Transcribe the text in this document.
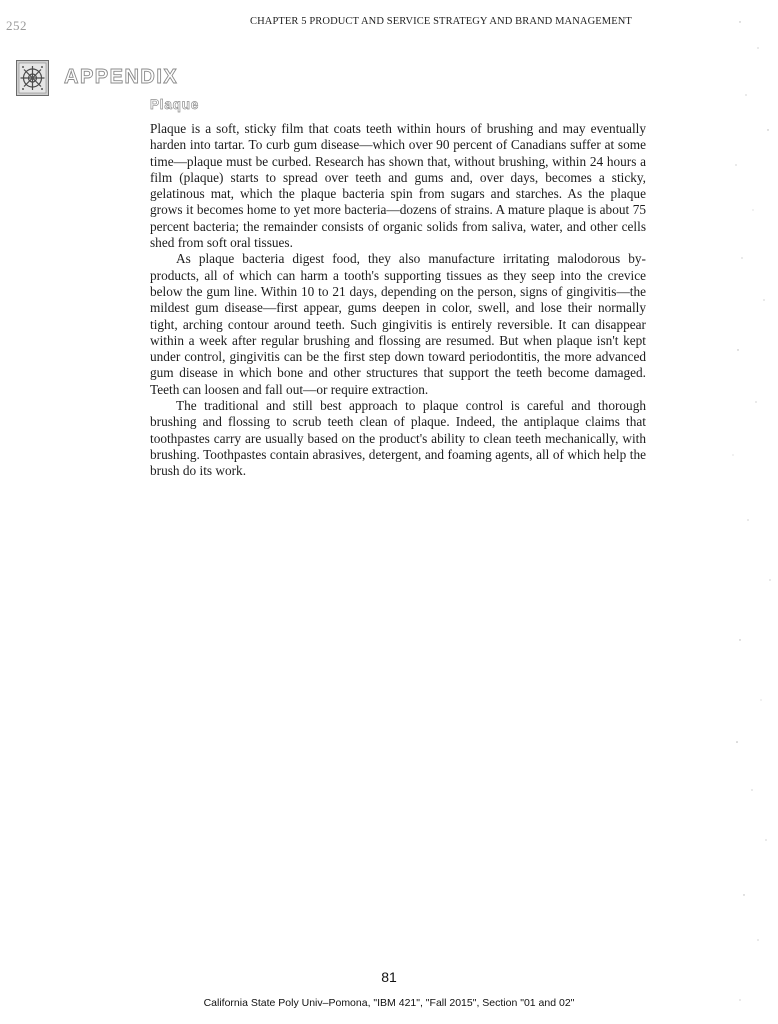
252	CHAPTER 5 PRODUCT AND SERVICE STRATEGY AND BRAND MANAGEMENT
APPENDIX
Plaque

Plaque is a soft, sticky film that coats teeth within hours of brushing and may eventually harden into tartar. To curb gum disease—which over 90 percent of Canadians suffer at some time—plaque must be curbed. Research has shown that, without brushing, within 24 hours a film (plaque) starts to spread over teeth and gums and, over days, becomes a sticky, gelatinous mat, which the plaque bacteria spin from sugars and starches. As the plaque grows it becomes home to yet more bacteria—dozens of strains. A mature plaque is about 75 percent bacteria; the remainder consists of organic solids from saliva, water, and other cells shed from soft oral tissues.

As plaque bacteria digest food, they also manufacture irritating malodorous by-products, all of which can harm a tooth's supporting tissues as they seep into the crevice below the gum line. Within 10 to 21 days, depending on the person, signs of gingivitis—the mildest gum disease—first appear, gums deepen in color, swell, and lose their normally tight, arching contour around teeth. Such gingivitis is entirely reversible. It can disappear within a week after regular brushing and flossing are resumed. But when plaque isn't kept under control, gingivitis can be the first step down toward periodontitis, the more advanced gum disease in which bone and other structures that support the teeth become damaged. Teeth can loosen and fall out—or require extraction.

The traditional and still best approach to plaque control is careful and thorough brushing and flossing to scrub teeth clean of plaque. Indeed, the antiplaque claims that toothpastes carry are usually based on the product's ability to clean teeth mechanically, with brushing. Toothpastes contain abrasives, detergent, and foaming agents, all of which help the brush do its work.

81
California State Poly Univ–Pomona, "IBM 421", "Fall 2015", Section "01 and 02"
